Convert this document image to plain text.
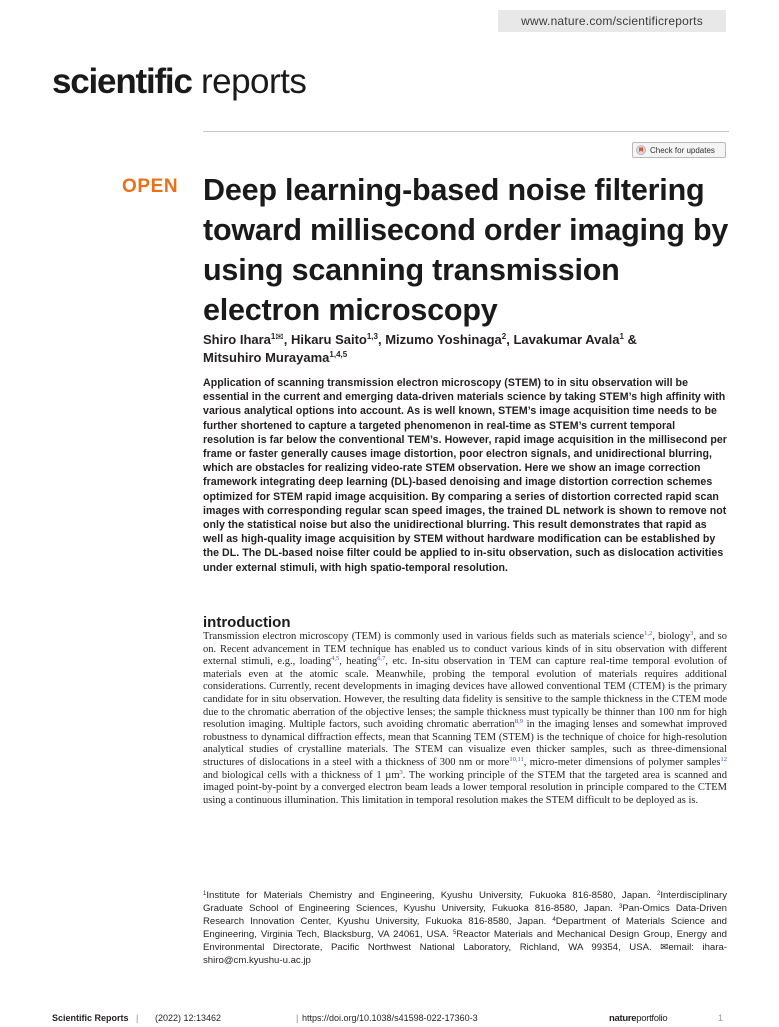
www.nature.com/scientificreports
scientific reports
Check for updates
OPEN Deep learning-based noise filtering toward millisecond order imaging by using scanning transmission electron microscopy
Shiro Ihara$^{1✉}$, Hikaru Saito$^{1,3}$, Mizumo Yoshinaga$^2$, Lavakumar Avala$^1$ &
Mitsuhiro Murayama$^{1,4,5}$

Application of scanning transmission electron microscopy (STEM) to in situ observation will be essential in the current and emerging data-driven materials science by taking STEM’s high affinity with various analytical options into account. As is well known, STEM’s image acquisition time needs to be further shortened to capture a targeted phenomenon in real-time as STEM’s current temporal resolution is far below the conventional TEM’s. However, rapid image acquisition in the millisecond per frame or faster generally causes image distortion, poor electron signals, and unidirectional blurring, which are obstacles for realizing video-rate STEM observation. Here we show an image correction framework integrating deep learning (DL)-based denoising and image distortion correction schemes optimized for STEM rapid image acquisition. By comparing a series of distortion corrected rapid scan images with corresponding regular scan speed images, the trained DL network is shown to remove not only the statistical noise but also the unidirectional blurring. This result demonstrates that rapid as well as high-quality image acquisition by STEM without hardware modification can be established by the DL. The DL-based noise filter could be applied to in-situ observation, such as dislocation activities under external stimuli, with high spatio-temporal resolution.

introduction

Transmission electron microscopy (TEM) is commonly used in various fields such as materials science$^{1,2}$, biology$^3$, and so on. Recent advancement in TEM technique has enabled us to conduct various kinds of in situ observation with different external stimuli, e.g., loading$^{4,5}$, heating$^{6,7}$, etc. In-situ observation in TEM can capture real-time temporal evolution of materials even at the atomic scale. Meanwhile, probing the temporal evolution of materials requires additional considerations. Currently, recent developments in imaging devices have allowed conventional TEM (CTEM) is the primary candidate for in situ observation. However, the resulting data fidelity is sensitive to the sample thickness in the CTEM mode due to the chromatic aberration of the objective lenses; the sample thickness must typically be thinner than 100 nm for high resolution imaging. Multiple factors, such avoiding chromatic aberration$^{8,9}$ in the imaging lenses and somewhat improved robustness to dynamical diffraction effects, mean that Scanning TEM (STEM) is the technique of choice for high-resolution analytical studies of crystalline materials. The STEM can visualize even thicker samples, such as three-dimensional structures of dislocations in a steel with a thickness of 300 nm or more$^{10,11}$, micro-meter dimensions of polymer samples$^{12}$ and biological cells with a thickness of 1 µm$^3$. The working principle of the STEM that the targeted area is scanned and imaged point-by-point by a converged electron beam leads a lower temporal resolution in principle compared to the CTEM using a continuous illumination. This limitation in temporal resolution makes the STEM difficult to be deployed as is.

$^1$Institute for Materials Chemistry and Engineering, Kyushu University, Fukuoka 816-8580, Japan. $^2$Interdisciplinary Graduate School of Engineering Sciences, Kyushu University, Fukuoka 816-8580, Japan. $^3$Pan-Omics Data-Driven Research Innovation Center, Kyushu University, Fukuoka 816-8580, Japan. $^4$Department of Materials Science and Engineering, Virginia Tech, Blacksburg, VA 24061, USA. $^5$Reactor Materials and Mechanical Design Group, Energy and Environmental Directorate, Pacific Northwest National Laboratory, Richland, WA 99354, USA. ✉email: ihara-shiro@cm.kyushu-u.ac.jp

Scientific Reports | (2022) 12:13462	| https://doi.org/10.1038/s41598-022-17360-3	natureportfolio	1
